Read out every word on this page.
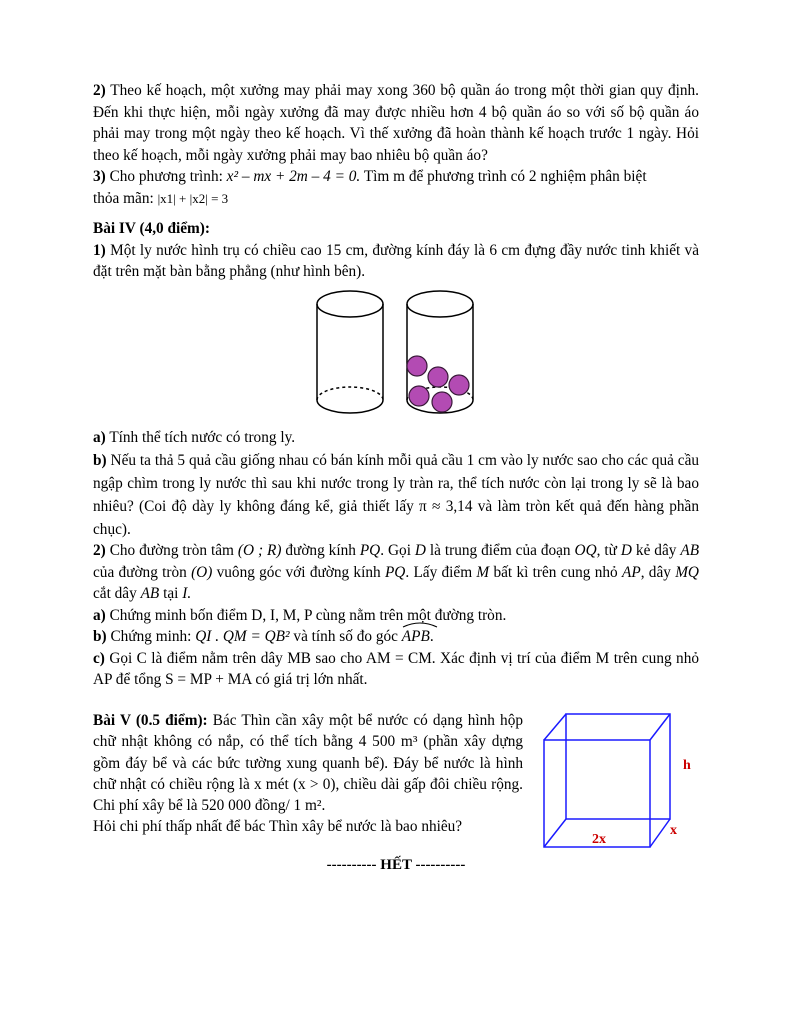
2) Theo kế hoạch, một xưởng may phải may xong 360 bộ quần áo trong một thời gian quy định. Đến khi thực hiện, mỗi ngày xưởng đã may được nhiều hơn 4 bộ quần áo so với số bộ quần áo phải may trong một ngày theo kế hoạch. Vì thế xưởng đã hoàn thành kế hoạch trước 1 ngày. Hỏi theo kế hoạch, mỗi ngày xưởng phải may bao nhiêu bộ quần áo?

3) Cho phương trình: x² – mx + 2m – 4 = 0. Tìm m để phương trình có 2 nghiệm phân biệt
thỏa mãn: |x1| + |x2| = 3

Bài IV (4,0 điểm):
1) Một ly nước hình trụ có chiều cao 15 cm, đường kính đáy là 6 cm đựng đầy nước tinh khiết và đặt trên mặt bàn bằng phẳng (như hình bên).

a) Tính thể tích nước có trong ly.
b) Nếu ta thả 5 quả cầu giống nhau có bán kính mỗi quả cầu 1 cm vào ly nước sao cho các quả cầu ngập chìm trong ly nước thì sau khi nước trong ly tràn ra, thể tích nước còn lại trong ly sẽ là bao nhiêu? (Coi độ dày ly không đáng kể, giả thiết lấy π ≈ 3,14 và làm tròn kết quả đến hàng phần chục).

2) Cho đường tròn tâm (O ; R) đường kính PQ. Gọi D là trung điểm của đoạn OQ, từ D kẻ dây AB của đường tròn (O) vuông góc với đường kính PQ. Lấy điểm M bất kì trên cung nhỏ AP, dây MQ cắt dây AB tại I.
a) Chứng minh bốn điểm D, I, M, P cùng nằm trên một đường tròn.
b) Chứng minh: QI . QM = QB² và tính số đo góc APB.
c) Gọi C là điểm nằm trên dây MB sao cho AM = CM. Xác định vị trí của điểm M trên cung nhỏ AP để tổng S = MP + MA có giá trị lớn nhất.

Bài V (0.5 điểm): Bác Thìn cần xây một bể nước có dạng hình hộp chữ nhật không có nắp, có thể tích bằng 4 500 m³ (phần xây dựng gồm đáy bể và các bức tường xung quanh bể). Đáy bể nước là hình chữ nhật có chiều rộng là x mét (x > 0), chiều dài gấp đôi chiều rộng. Chi phí xây bể là 520 000 đồng/ 1 m².
Hỏi chi phí thấp nhất để bác Thìn xây bể nước là bao nhiêu?

h
x
2x
---------- HẾT ----------
